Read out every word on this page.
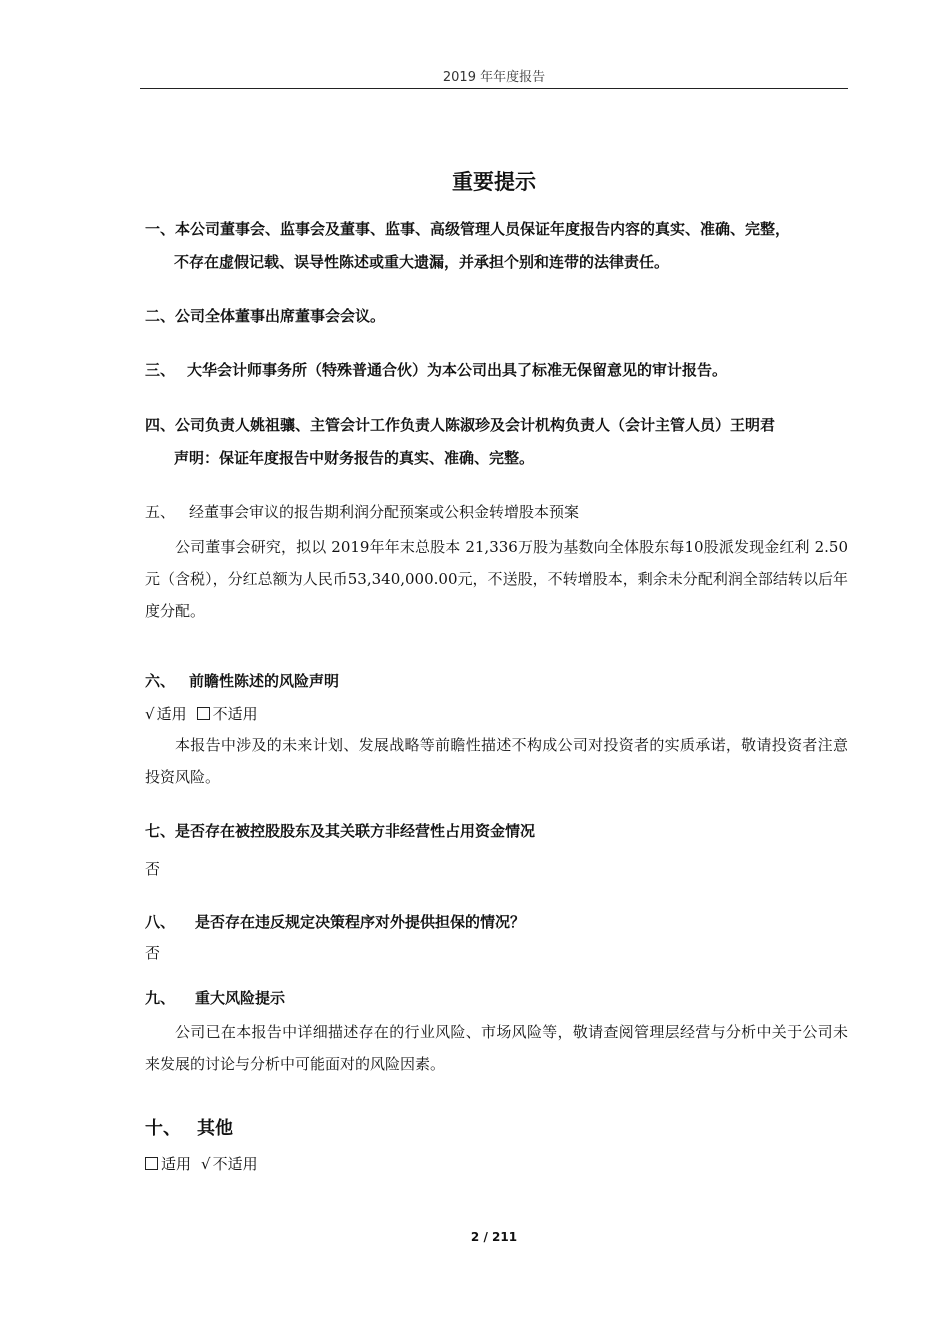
2019 年年度报告
重要提示
一、本公司董事会、监事会及董事、监事、高级管理人员保证年度报告内容的真实、准确、完整，
不存在虚假记载、误导性陈述或重大遗漏，并承担个别和连带的法律责任。
二、公司全体董事出席董事会会议。
三、 大华会计师事务所（特殊普通合伙）为本公司出具了标准无保留意见的审计报告。
四、公司负责人姚祖骧、主管会计工作负责人陈淑珍及会计机构负责人（会计主管人员）王明君
声明：保证年度报告中财务报告的真实、准确、完整。
五、 经董事会审议的报告期利润分配预案或公积金转增股本预案
公司董事会研究，拟以 2019年年末总股本 21,336万股为基数向全体股东每10股派发现金红利 2.50元（含税），分红总额为人民币53,340,000.00元，不送股，不转增股本，剩余未分配利润全部结转以后年度分配。
六、 前瞻性陈述的风险声明
√ 适用 不适用
本报告中涉及的未来计划、发展战略等前瞻性描述不构成公司对投资者的实质承诺，敬请投资者注意投资风险。
七、是否存在被控股股东及其关联方非经营性占用资金情况
否
八、 是否存在违反规定决策程序对外提供担保的情况？
否
九、 重大风险提示
公司已在本报告中详细描述存在的行业风险、市场风险等，敬请查阅管理层经营与分析中关于公司未来发展的讨论与分析中可能面对的风险因素。
十、 其他
适用 √ 不适用
2 / 211
